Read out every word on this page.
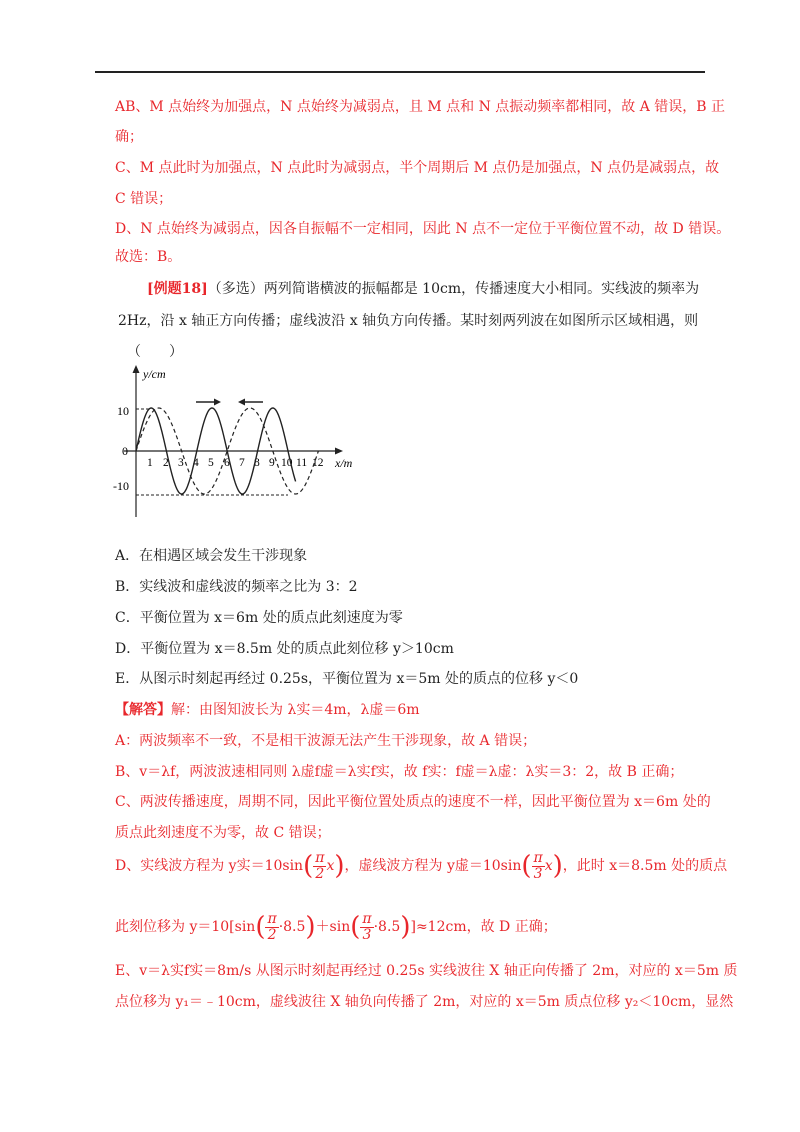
AB、M 点始终为加强点，N 点始终为减弱点，且 M 点和 N 点振动频率都相同，故 A 错误，B 正
确；
C、M 点此时为加强点，N 点此时为减弱点，半个周期后 M 点仍是加强点，N 点仍是减弱点，故
C 错误；
D、N 点始终为减弱点，因各自振幅不一定相同，因此 N 点不一定位于平衡位置不动，故 D 错误。
故选：B。
[例题18]（多选）两列简谐横波的振幅都是 10cm，传播速度大小相同。实线波的频率为
2Hz，沿 x 轴正方向传播；虚线波沿 x 轴负方向传播。某时刻两列波在如图所示区域相遇，则
（　　）
y/cm
x/m
0
10
-10
1 2 3 4 5 6 7 8 9 10 11 12
A．在相遇区域会发生干涉现象
B．实线波和虚线波的频率之比为 3：2
C．平衡位置为 x＝6m 处的质点此刻速度为零
D．平衡位置为 x＝8.5m 处的质点此刻位移 y＞10cm
E．从图示时刻起再经过 0.25s，平衡位置为 x＝5m 处的质点的位移 y＜0
【解答】解：由图知波长为 λ实＝4m，λ虚＝6m
A：两波频率不一致，不是相干波源无法产生干涉现象，故 A 错误；
B、v＝λf，两波波速相同则 λ虚f虚＝λ实f实，故 f实：f虚＝λ虚：λ实＝3：2，故 B 正确；
C、两波传播速度，周期不同，因此平衡位置处质点的速度不一样，因此平衡位置为 x＝6m 处的
质点此刻速度不为零，故 C 错误；
D、实线波方程为 y实$=10\sin( \frac{\pi}{2} x)$，虚线波方程为 y虚$=10\sin( \frac{\pi}{3} x)$，此时 x＝8.5m 处的质点
此刻位移为 $y=10[\sin( \frac{\pi}{2} \cdot 8.5)+\sin( \frac{\pi}{3} \cdot 8.5)]\approx 12cm$，故 D 正确；
E、v＝λ实f实＝8m/s 从图示时刻起再经过 0.25s 实线波往 X 轴正向传播了 2m，对应的 x＝5m 质
点位移为 y₁＝﹣10cm，虚线波往 X 轴负向传播了 2m，对应的 x＝5m 质点位移 y₂＜10cm，显然
